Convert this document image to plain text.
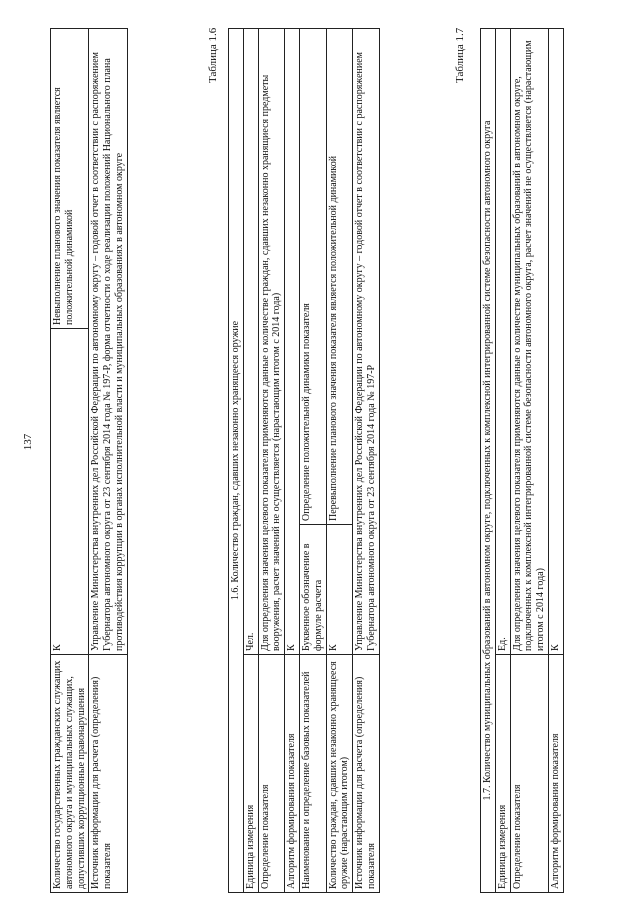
137
Количество государственных гражданских служащих автономного округа и муниципальных служащих, допустивших коррупционные правонарушения	К	Невыполнение планового значения показателя является положительной динамикой
Источник информации для расчета (определения) показателя	Управление Министерства внутренних дел Российской Федерации по автономному округу – годовой отчет в соответствии с распоряжением Губернатора автономного округа от 23 сентября 2014 года № 197-Р, форма отчетности о ходе реализации положений Национального плана противодействия коррупции в органах исполнительной власти и муниципальных образованиях в автономном округе	
Таблица 1.6
1.6. Количество граждан, сдавших незаконно хранящееся оружие		
Единица измерения	Чел.	
Определение показателя	Для определения значения целевого показателя применяются данные о количестве граждан, сдавших незаконно хранящиеся предметы вооружения, расчет значений не осуществляется (нарастающим итогом с 2014 года)	
Алгоритм формирования показателя	К	
Наименование и определение базовых показателей	Буквенное обозначение в формуле расчета	Определение положительной динамики показателя
Количество граждан, сдавших незаконно хранящееся оружие (нарастающим итогом)	К	Перевыполнение планового значения показателя является положительной динамикой
Источник информации для расчета (определения) показателя	Управление Министерства внутренних дел Российской Федерации по автономному округу – годовой отчет в соответствии с распоряжением Губернатора автономного округа от 23 сентября 2014 года № 197-Р	
Таблица 1.7
1.7. Количество муниципальных образований в автономном округе, подключенных к комплексной интегрированной системе безопасности автономного округа	
Единица измерения	Ед.
Определение показателя	Для определения значения целевого показателя применяются данные о количестве муниципальных образований в автономном округе, подключенных к комплексной интегрированной системе безопасности автономного округа, расчет значений не осуществляется (нарастающим итогом с 2014 года)
Алгоритм формирования показателя	К
